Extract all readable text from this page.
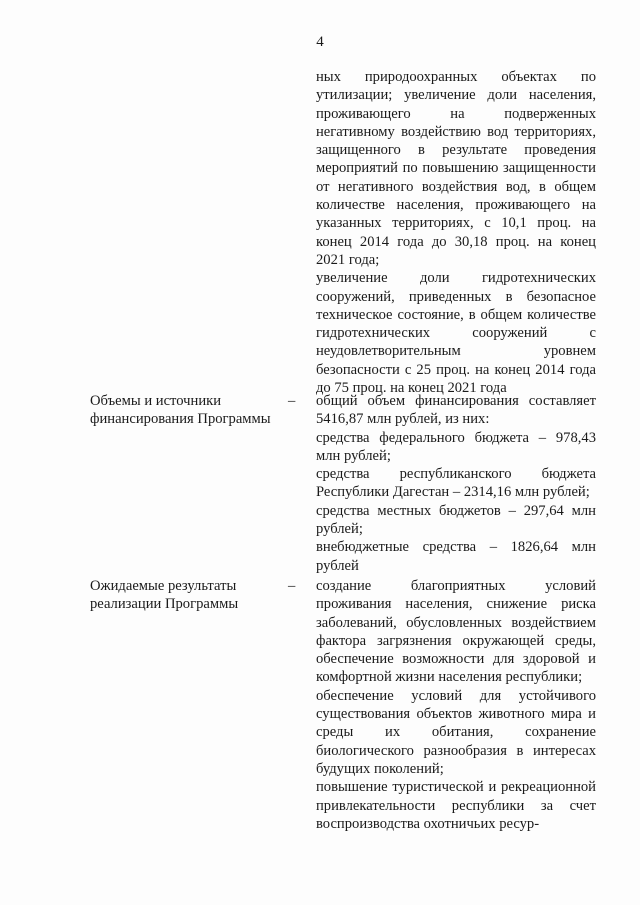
4

ных природоохранных объектах по утилизации; увеличение доли населения, проживающего на подверженных негативному воздействию вод территориях, защищенного в результате проведения мероприятий по повышению защищенности от негативного воздействия вод, в общем количестве населения, проживающего на указанных территориях, с 10,1 проц. на конец 2014 года до 30,18 проц. на конец 2021 года;

увеличение доли гидротехнических сооружений, приведенных в безопасное техническое состояние, в общем количестве гидротехнических сооружений с неудовлетворительным уровнем безопасности с 25 проц. на конец 2014 года до 75 проц. на конец 2021 года

Объемы и источники финансирования Программы
– общий объем финансирования составляет 5416,87 млн рублей, из них:

средства федерального бюджета – 978,43 млн рублей;

средства республиканского бюджета Республики Дагестан – 2314,16 млн рублей;

средства местных бюджетов – 297,64 млн рублей;

внебюджетные средства – 1826,64 млн рублей

Ожидаемые результаты реализации Программы
– создание благоприятных условий проживания населения, снижение риска заболеваний, обусловленных воздействием фактора загрязнения окружающей среды, обеспечение возможности для здоровой и комфортной жизни населения республики;

обеспечение условий для устойчивого существования объектов животного мира и среды их обитания, сохранение биологического разнообразия в интересах будущих поколений;

повышение туристической и рекреационной привлекательности республики за счет воспроизводства охотничьих ресур-
